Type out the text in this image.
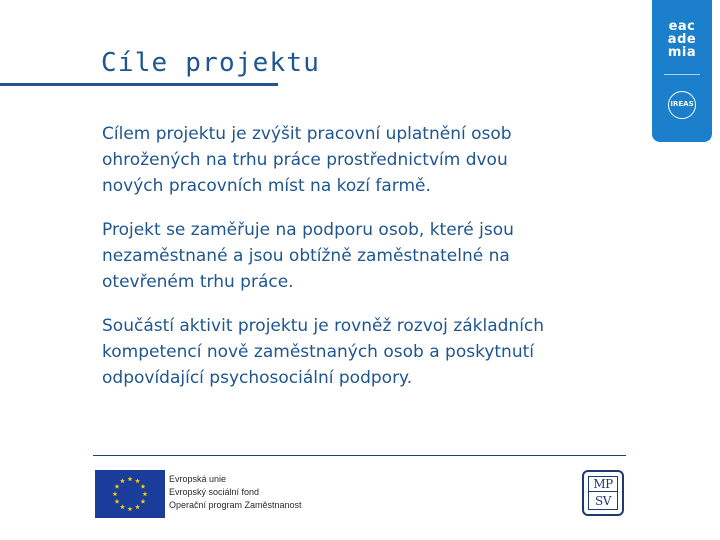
Cíle projektu
eac
ade
mia
IREAS
Cílem projektu je zvýšit pracovní uplatnění osob
ohrožených na trhu práce prostřednictvím dvou
nových pracovních míst na kozí farmě.
Projekt se zaměřuje na podporu osob, které jsou
nezaměstnané a jsou obtížně zaměstnatelné na
otevřeném trhu práce.
Součástí aktivit projektu je rovněž rozvoj základních
kompetencí nově zaměstnaných osob a poskytnutí
odpovídající psychosociální podpory.
Evropská unie
Evropský sociální fond
Operační program Zaměstnanost
MP
SV
